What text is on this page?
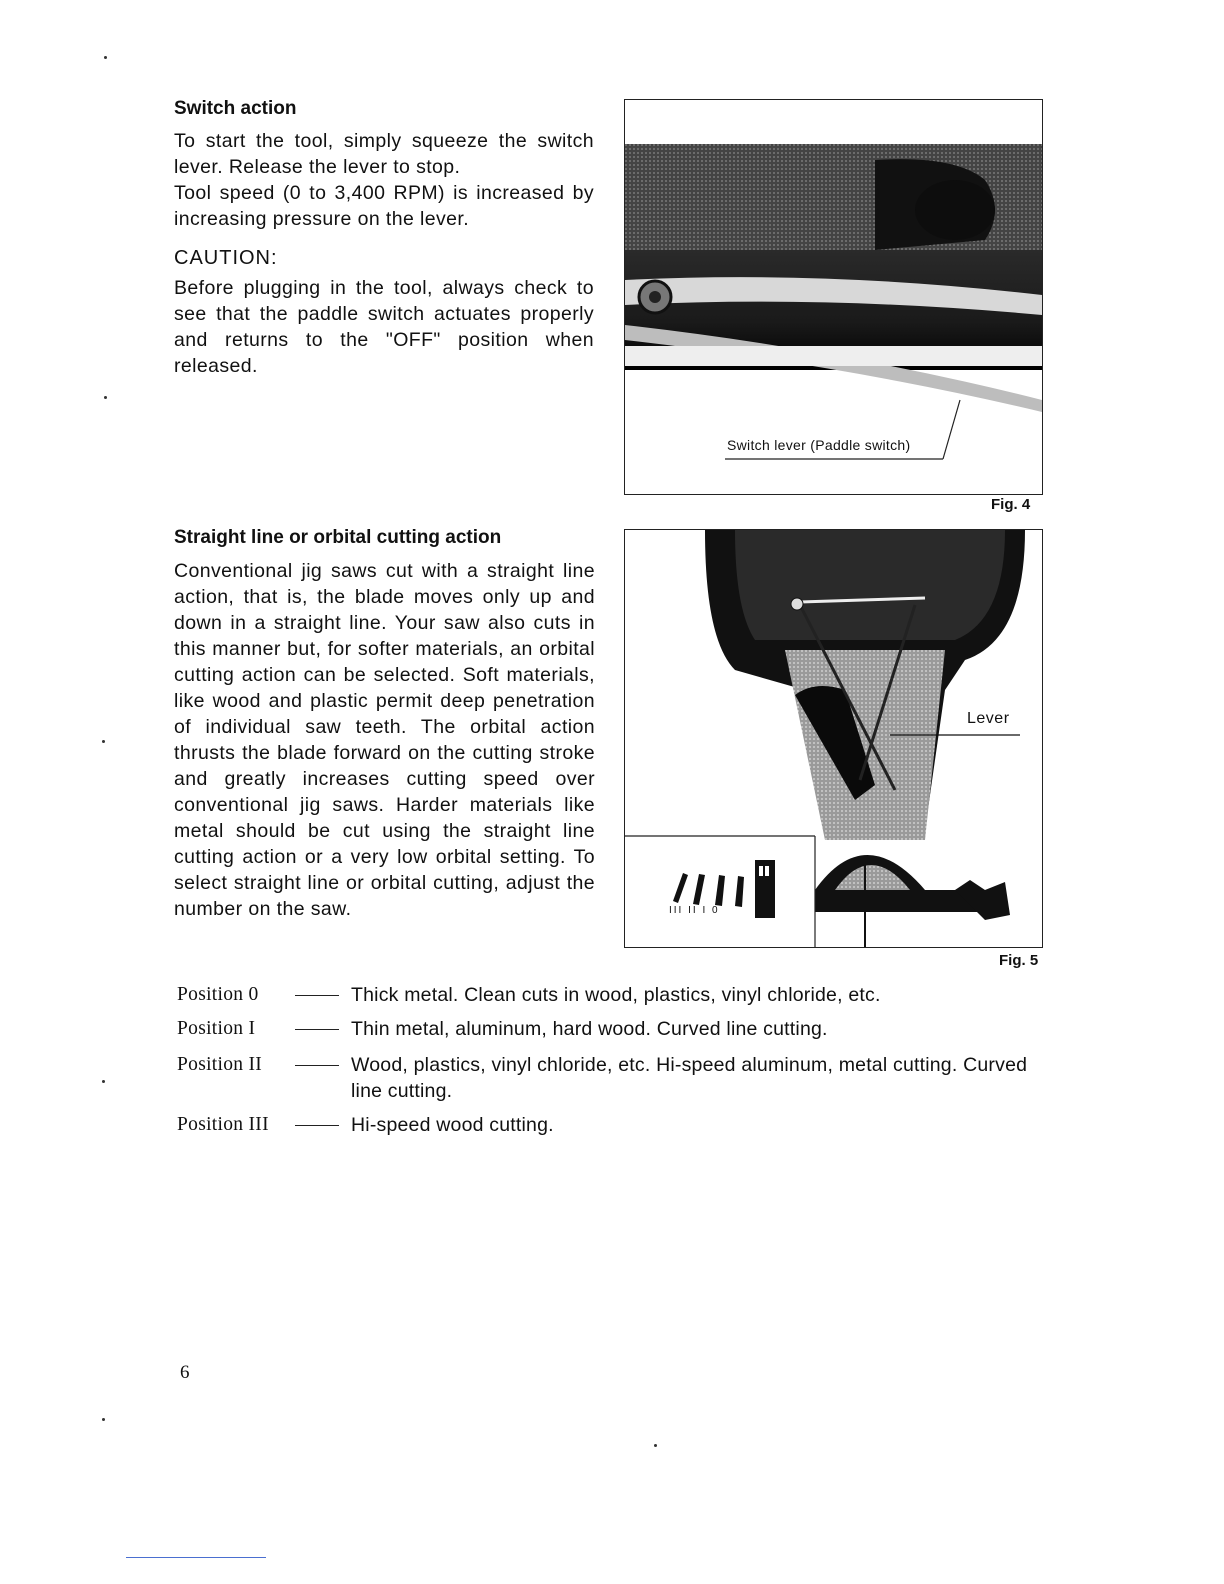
Switch action

To start the tool, simply squeeze the switch lever. Release the lever to stop.

Tool speed (0 to 3,400 RPM) is increased by increasing pressure on the lever.

CAUTION:
Before plugging in the tool, always check to see that the paddle switch actuates properly and returns to the "OFF" position when released.
Switch lever (Paddle switch)
Fig. 4
Straight line or orbital cutting action
Conventional jig saws cut with a straight line action, that is, the blade moves only up and down in a straight line. Your saw also cuts in this manner but, for softer materials, an orbital cutting action can be selected. Soft materials, like wood and plastic permit deep penetration of individual saw teeth. The orbital action thrusts the blade forward on the cutting stroke and greatly increases cutting speed over conventional jig saws. Harder materials like metal should be cut using the straight line cutting action or a very low orbital setting. To select straight line or orbital cutting, adjust the number on the saw.	III II I 0
Lever
Fig. 5
Position 0	Thick metal. Clean cuts in wood, plastics, vinyl chloride, etc.
Position I	Thin metal, aluminum, hard wood. Curved line cutting.
Position II	Wood, plastics, vinyl chloride, etc. Hi-speed aluminum, metal cutting. Curved line cutting.
Position III	Hi-speed wood cutting.
6
